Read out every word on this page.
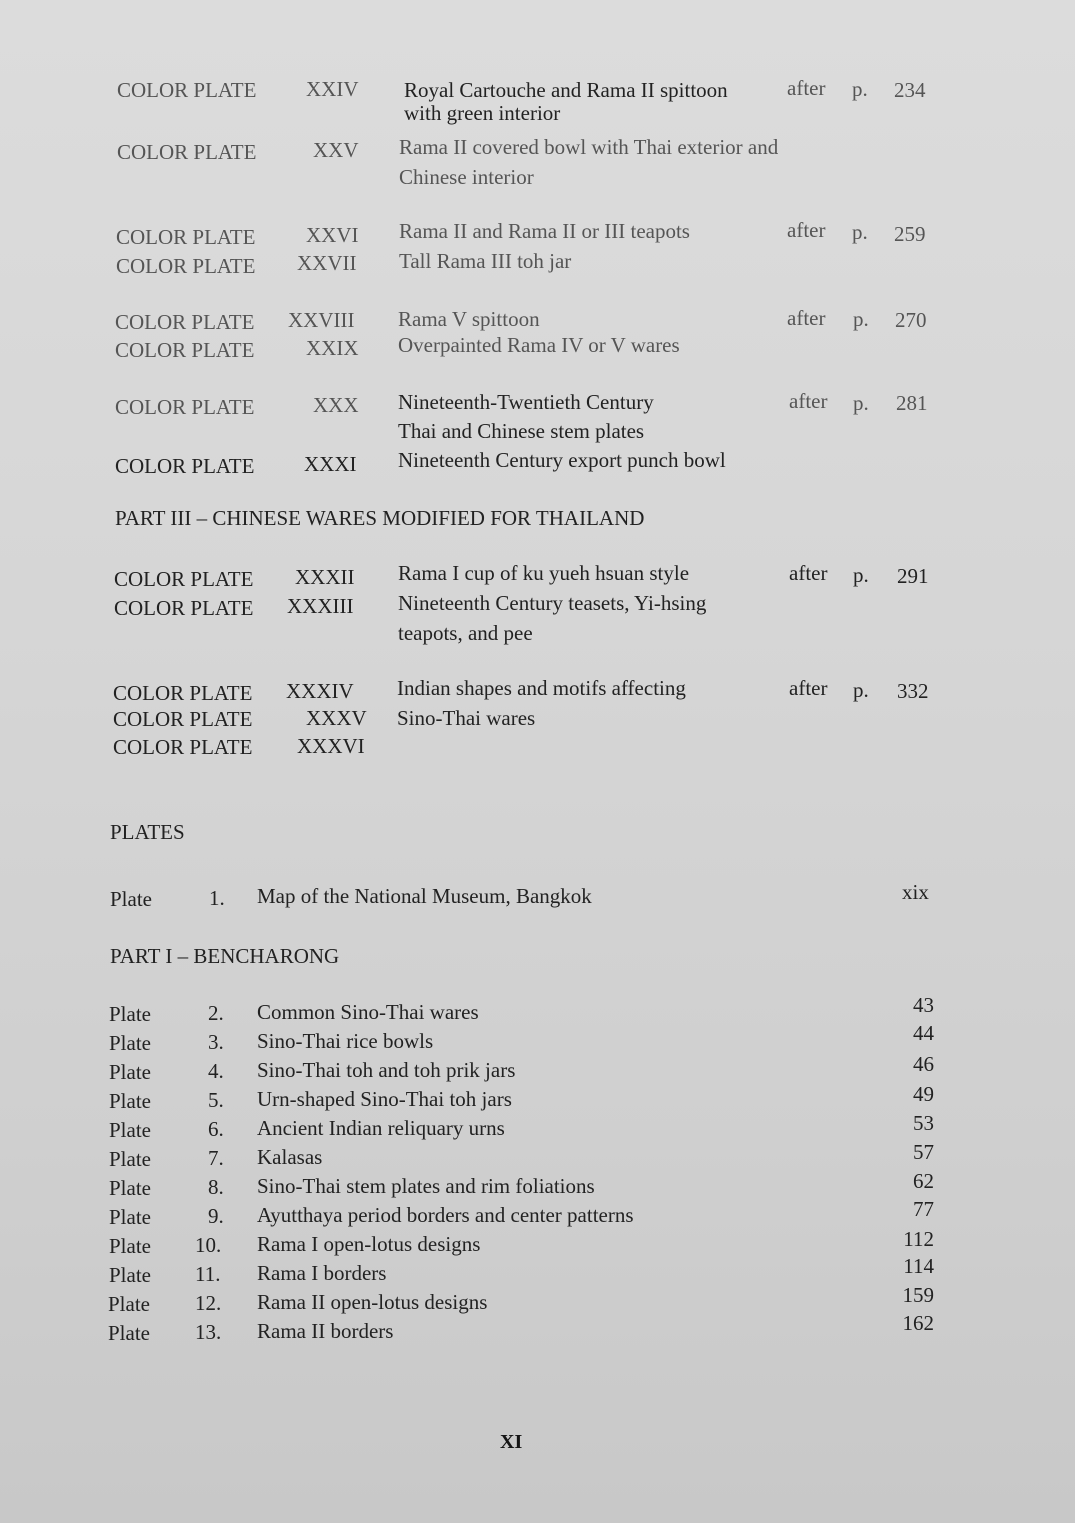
COLOR PLATE XXIV Royal Cartouche and Rama II spittoon	after p. 234
with green interior
COLOR PLATE	XXV Rama II covered bowl with Thai exterior and
Chinese interior
COLOR PLATE XXVI Rama II and Rama II or III teapots	after p. 259
COLOR PLATE XXVII Tall Rama III toh jar
COLOR PLATE XXVIII Rama V spittoon	after p. 270
COLOR PLATE XXIX Overpainted Rama IV or V wares
COLOR PLATE	XXX Nineteenth-Twentieth Century	after p. 281
Thai and Chinese stem plates
COLOR PLATE XXXI Nineteenth Century export punch bowl
PART III – CHINESE WARES MODIFIED FOR THAILAND
COLOR PLATE XXXII Rama I cup of ku yueh hsuan style	after p. 291
COLOR PLATE XXXIII Nineteenth Century teasets, Yi-hsing
teapots, and pee
COLOR PLATE XXXIV Indian shapes and motifs affecting	after p. 332
COLOR PLATE	XXXV Sino-Thai wares
COLOR PLATE XXXVI
PLATES
Plate	1. Map of the National Museum, Bangkok	xix
PART I – BENCHARONG
Plate	2. Common Sino-Thai wares	43
Plate	3. Sino-Thai rice bowls	44
Plate	4. Sino-Thai toh and toh prik jars	46
Plate	5. Urn-shaped Sino-Thai toh jars	49
Plate	6. Ancient Indian reliquary urns	53
Plate	7. Kalasas	57
Plate	8. Sino-Thai stem plates and rim foliations	62
Plate	9. Ayutthaya period borders and center patterns	77
Plate 10. Rama I open-lotus designs	112
Plate 11. Rama I borders	114
Plate 12. Rama II open-lotus designs	159
Plate 13. Rama II borders	162
XI
